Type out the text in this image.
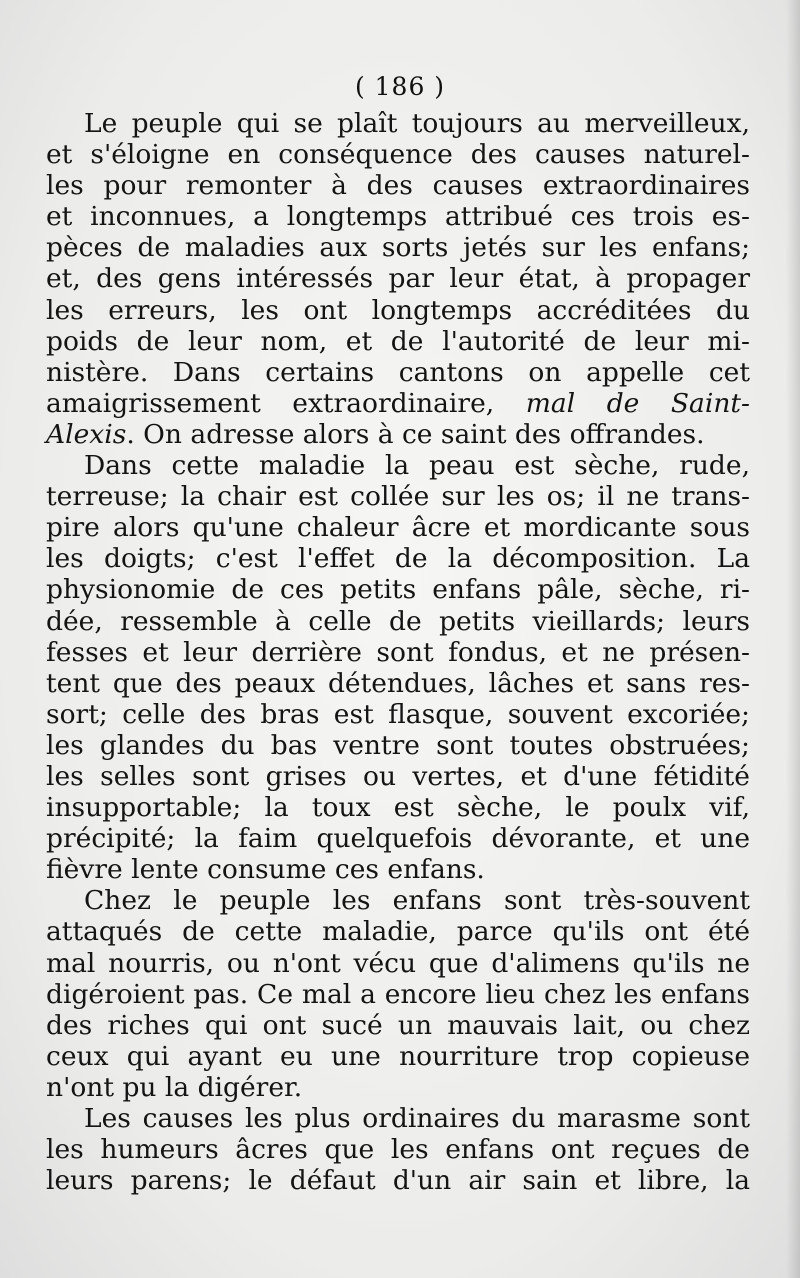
( 186 )
Le peuple qui se plaît toujours au merveilleux,
et s'éloigne en conséquence des causes naturel-
les pour remonter à des causes extraordinaires
et inconnues, a longtemps attribué ces trois es-
pèces de maladies aux sorts jetés sur les enfans;
et, des gens intéressés par leur état, à propager
les erreurs, les ont longtemps accréditées du
poids de leur nom, et de l'autorité de leur mi-
nistère. Dans certains cantons on appelle cet
amaigrissement extraordinaire, mal de Saint-
Alexis. On adresse alors à ce saint des offrandes.
Dans cette maladie la peau est sèche, rude,
terreuse; la chair est collée sur les os; il ne trans-
pire alors qu'une chaleur âcre et mordicante sous
les doigts; c'est l'effet de la décomposition. La
physionomie de ces petits enfans pâle, sèche, ri-
dée, ressemble à celle de petits vieillards; leurs
fesses et leur derrière sont fondus, et ne présen-
tent que des peaux détendues, lâches et sans res-
sort; celle des bras est flasque, souvent excoriée;
les glandes du bas ventre sont toutes obstruées;
les selles sont grises ou vertes, et d'une fétidité
insupportable; la toux est sèche, le poulx vif,
précipité; la faim quelquefois dévorante, et une
fièvre lente consume ces enfans.
Chez le peuple les enfans sont très-souvent
attaqués de cette maladie, parce qu'ils ont été
mal nourris, ou n'ont vécu que d'alimens qu'ils ne
digéroient pas. Ce mal a encore lieu chez les enfans
des riches qui ont sucé un mauvais lait, ou chez
ceux qui ayant eu une nourriture trop copieuse
n'ont pu la digérer.
Les causes les plus ordinaires du marasme sont
les humeurs âcres que les enfans ont reçues de
leurs parens; le défaut d'un air sain et libre, la
